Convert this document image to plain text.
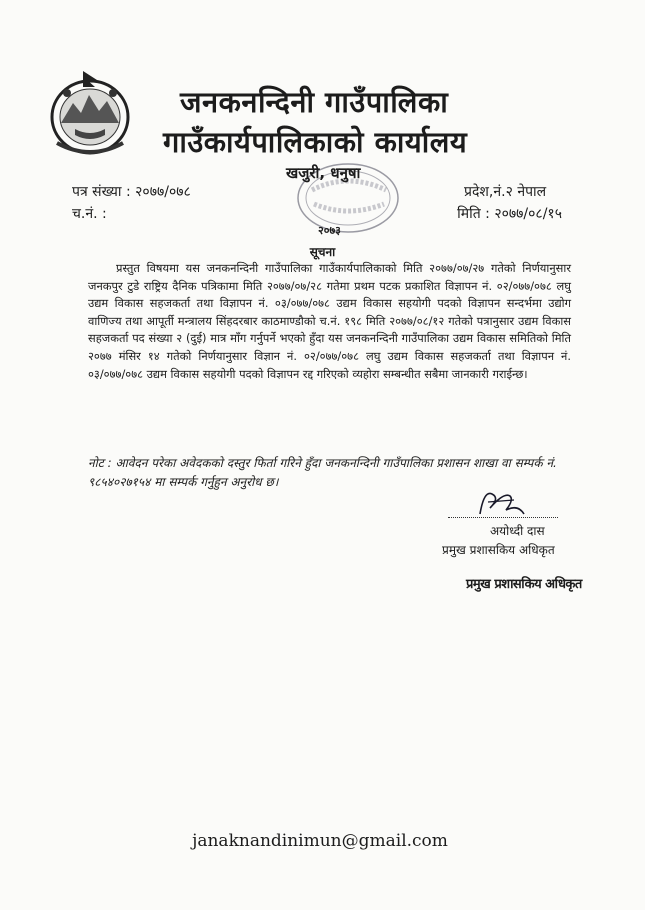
जनकनन्दिनी गाउँपालिका
गाउँकार्यपालिकाको कार्यालय
खजुरी, धनुषा
२०७३
पत्र संख्या : २०७७/०७८
च.नं. :
प्रदेश,नं.२ नेपाल
मिति : २०७७/०८/१५
सूचना
प्रस्तुत विषयमा यस जनकनन्दिनी गाउँपालिका गाउँकार्यपालिकाको मिति २०७७/०७/२७ गतेको निर्णयानुसार जनकपुर टुडे राष्ट्रिय दैनिक पत्रिकामा मिति २०७७/०७/२८ गतेमा प्रथम पटक प्रकाशित विज्ञापन नं. ०२/०७७/०७८ लघु उद्यम विकास सहजकर्ता तथा विज्ञापन नं. ०३/०७७/०७८ उद्यम विकास सहयोगी पदको विज्ञापन सन्दर्भमा उद्योग वाणिज्य तथा आपूर्ती मन्त्रालय सिंहदरबार काठमाण्डौको च.नं. १९८ मिति २०७७/०८/१२ गतेको पत्रानुसार उद्यम विकास सहजकर्ता पद संख्या २ (दुई) मात्र माँग गर्नुपर्ने भएको हुँदा यस जनकनन्दिनी गाउँपालिका उद्यम विकास समितिको मिति २०७७ मंसिर १४ गतेको निर्णयानुसार विज्ञान नं. ०२/०७७/०७८ लघु उद्यम विकास सहजकर्ता तथा विज्ञापन नं. ०३/०७७/०७८ उद्यम विकास सहयोगी पदको विज्ञापन रद्द गरिएको व्यहोरा सम्बन्धीत सबैमा जानकारी गराईन्छ।
नोट : आवेदन परेका अवेदकको दस्तुर फिर्ता गरिने हुँदा जनकनन्दिनी गाउँपालिका प्रशासन शाखा वा सम्पर्क नं. ९८५४०२७१५४ मा सम्पर्क गर्नुहुन अनुरोध छ।
अयोध्दी दास
प्रमुख प्रशासकिय अधिकृत
प्रमुख प्रशासकिय अधिकृत
janaknandinimun@gmail.com
